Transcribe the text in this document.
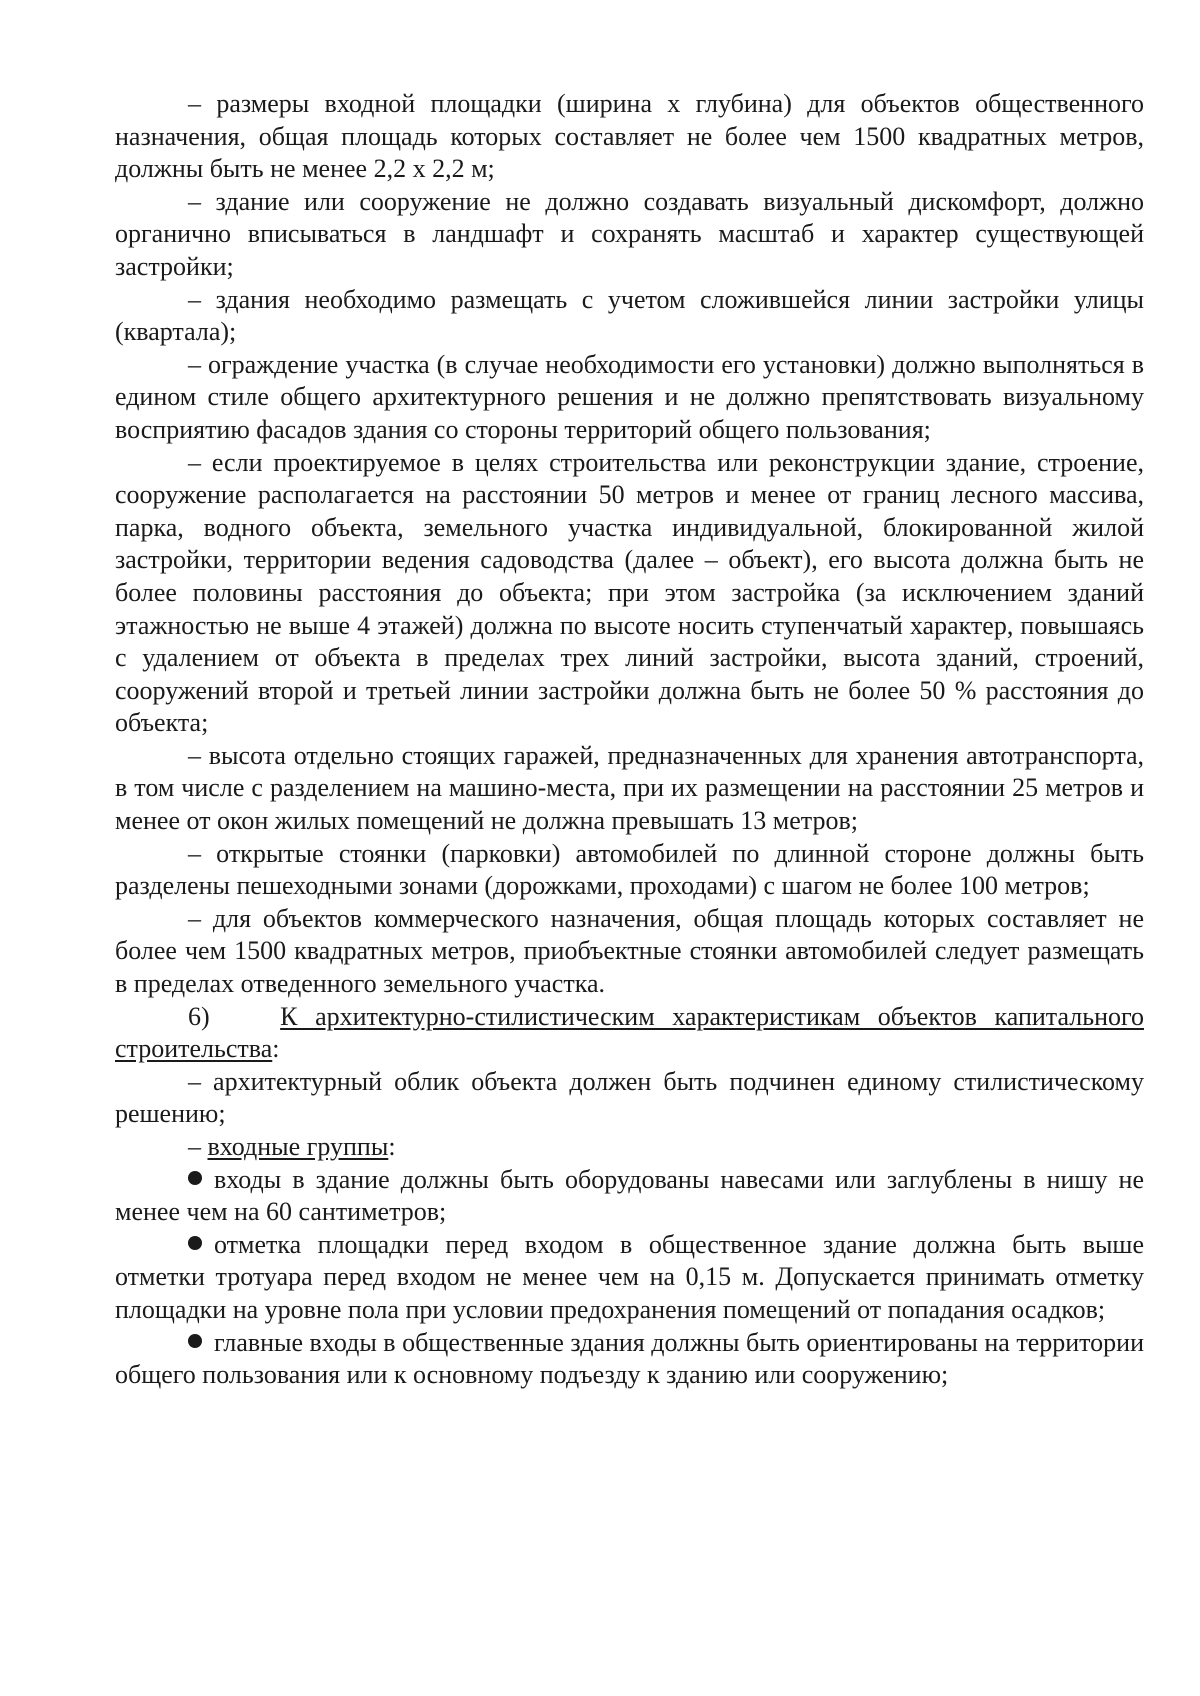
– размеры входной площадки (ширина х глубина) для объектов общественного назначения, общая площадь которых составляет не более чем 1500 квадратных метров, должны быть не менее 2,2 х 2,2 м;

– здание или сооружение не должно создавать визуальный дискомфорт, должно органично вписываться в ландшафт и сохранять масштаб и характер существующей застройки;

– здания необходимо размещать с учетом сложившейся линии застройки улицы (квартала);

– ограждение участка (в случае необходимости его установки) должно выполняться в едином стиле общего архитектурного решения и не должно препятствовать визуальному восприятию фасадов здания со стороны территорий общего пользования;

– если проектируемое в целях строительства или реконструкции здание, строение, сооружение располагается на расстоянии 50 метров и менее от границ лесного массива, парка, водного объекта, земельного участка индивидуальной, блокированной жилой застройки, территории ведения садоводства (далее – объект), его высота должна быть не более половины расстояния до объекта; при этом застройка (за исключением зданий этажностью не выше 4 этажей) должна по высоте носить ступенчатый характер, повышаясь с удалением от объекта в пределах трех линий застройки, высота зданий, строений, сооружений второй и третьей линии застройки должна быть не более 50 % расстояния до объекта;

– высота отдельно стоящих гаражей, предназначенных для хранения автотранспорта, в том числе с разделением на машино-места, при их размещении на расстоянии 25 метров и менее от окон жилых помещений не должна превышать 13 метров;

– открытые стоянки (парковки) автомобилей по длинной стороне должны быть разделены пешеходными зонами (дорожками, проходами) с шагом не более 100 метров;

– для объектов коммерческого назначения, общая площадь которых составляет не более чем 1500 квадратных метров, приобъектные стоянки автомобилей следует размещать в пределах отведенного земельного участка.

6)	К архитектурно-стилистическим характеристикам объектов капитального строительства:

– архитектурный облик объекта должен быть подчинен единому стилистическому решению;

– входные группы:

входы в здание должны быть оборудованы навесами или заглублены в нишу не менее чем на 60 сантиметров;

отметка площадки перед входом в общественное здание должна быть выше отметки тротуара перед входом не менее чем на 0,15 м. Допускается принимать отметку площадки на уровне пола при условии предохранения помещений от попадания осадков;

главные входы в общественные здания должны быть ориентированы на территории общего пользования или к основному подъезду к зданию или сооружению;
